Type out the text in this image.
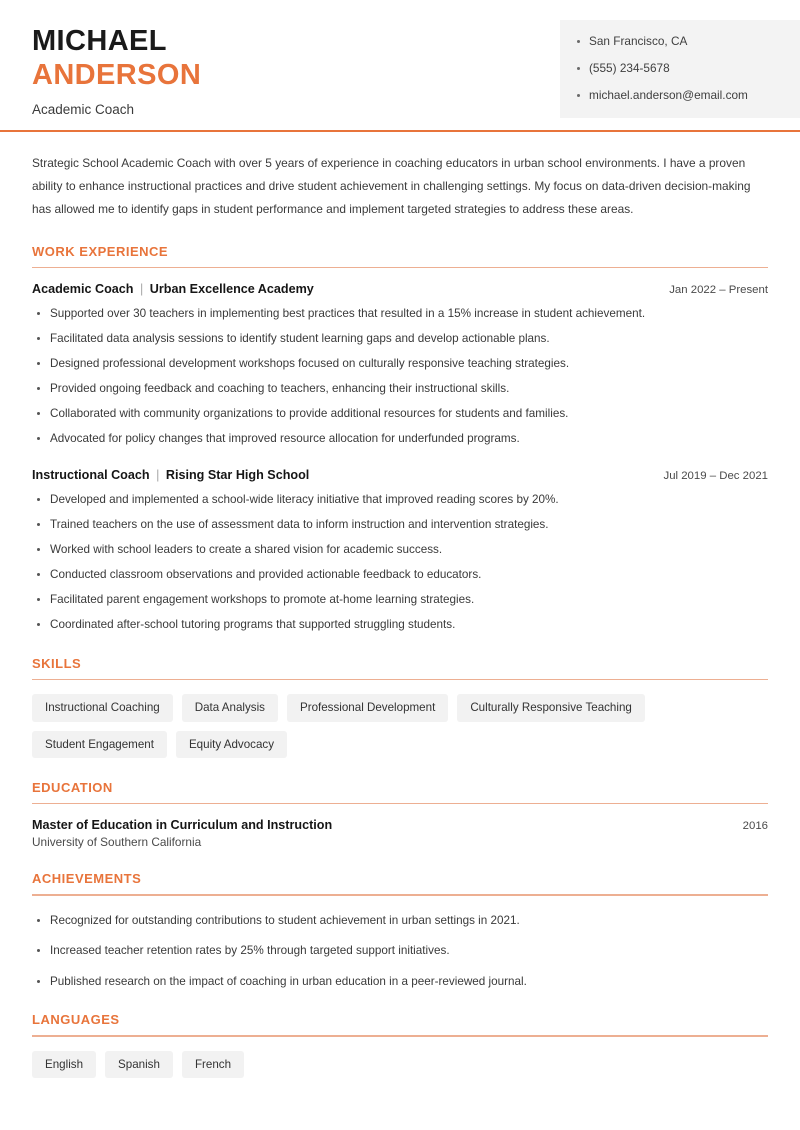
MICHAEL
ANDERSON
Academic Coach
San Francisco, CA
(555) 234-5678
michael.anderson@email.com

Strategic School Academic Coach with over 5 years of experience in coaching educators in urban school environments. I have a proven ability to enhance instructional practices and drive student achievement in challenging settings. My focus on data-driven decision-making has allowed me to identify gaps in student performance and implement targeted strategies to address these areas.

WORK EXPERIENCE
Academic Coach | Urban Excellence Academy	Jan 2022 – Present
Supported over 30 teachers in implementing best practices that resulted in a 15% increase in student achievement.
Facilitated data analysis sessions to identify student learning gaps and develop actionable plans.
Designed professional development workshops focused on culturally responsive teaching strategies.
Provided ongoing feedback and coaching to teachers, enhancing their instructional skills.
Collaborated with community organizations to provide additional resources for students and families.
Advocated for policy changes that improved resource allocation for underfunded programs.
Instructional Coach | Rising Star High School	Jul 2019 – Dec 2021
Developed and implemented a school-wide literacy initiative that improved reading scores by 20%.
Trained teachers on the use of assessment data to inform instruction and intervention strategies.
Worked with school leaders to create a shared vision for academic success.
Conducted classroom observations and provided actionable feedback to educators.
Facilitated parent engagement workshops to promote at-home learning strategies.
Coordinated after-school tutoring programs that supported struggling students.
SKILLS
Instructional Coaching	Data Analysis	Professional Development	Culturally Responsive Teaching
Student Engagement	Equity Advocacy
EDUCATION
Master of Education in Curriculum and Instruction	2016
University of Southern California
ACHIEVEMENTS
Recognized for outstanding contributions to student achievement in urban settings in 2021.
Increased teacher retention rates by 25% through targeted support initiatives.
Published research on the impact of coaching in urban education in a peer-reviewed journal.
LANGUAGES
English	Spanish	French
